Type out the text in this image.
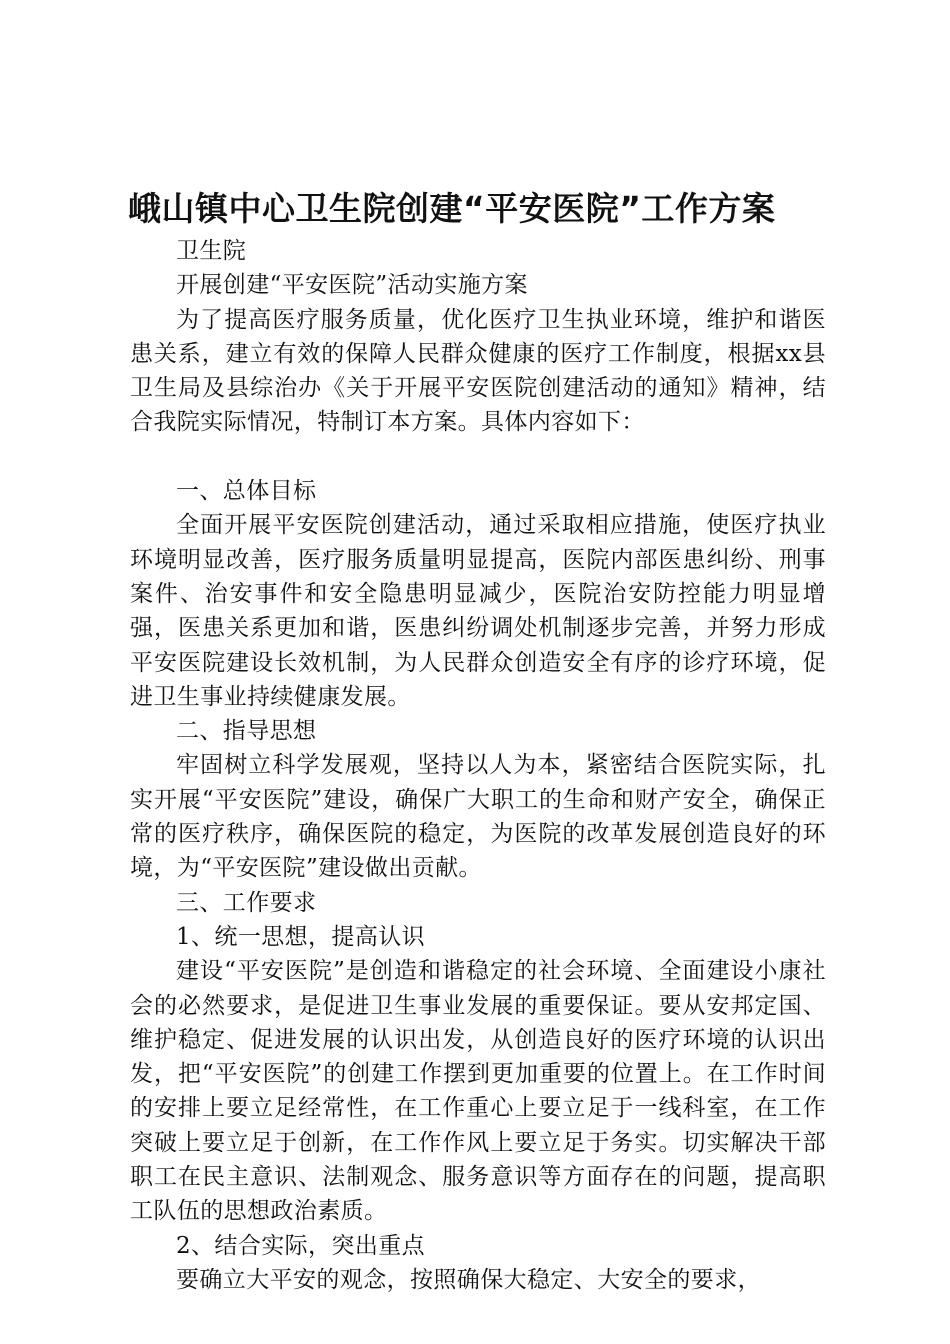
峨山镇中心卫生院创建“平安医院”工作方案

卫生院

开展创建“平安医院”活动实施方案

为了提高医疗服务质量，优化医疗卫生执业环境，维护和谐医患关系，建立有效的保障人民群众健康的医疗工作制度，根据xx县卫生局及县综治办《关于开展平安医院创建活动的通知》精神，结合我院实际情况，特制订本方案。具体内容如下：

一、总体目标

全面开展平安医院创建活动，通过采取相应措施，使医疗执业环境明显改善，医疗服务质量明显提高，医院内部医患纠纷、刑事案件、治安事件和安全隐患明显减少，医院治安防控能力明显增强，医患关系更加和谐，医患纠纷调处机制逐步完善，并努力形成平安医院建设长效机制，为人民群众创造安全有序的诊疗环境，促进卫生事业持续健康发展。

二、指导思想

牢固树立科学发展观，坚持以人为本，紧密结合医院实际，扎实开展“平安医院”建设，确保广大职工的生命和财产安全，确保正常的医疗秩序，确保医院的稳定，为医院的改革发展创造良好的环境，为“平安医院”建设做出贡献。

三、工作要求

1、统一思想，提高认识

建设“平安医院”是创造和谐稳定的社会环境、全面建设小康社会的必然要求，是促进卫生事业发展的重要保证。要从安邦定国、维护稳定、促进发展的认识出发，从创造良好的医疗环境的认识出发，把“平安医院”的创建工作摆到更加重要的位置上。在工作时间的安排上要立足经常性，在工作重心上要立足于一线科室，在工作突破上要立足于创新，在工作作风上要立足于务实。切实解决干部职工在民主意识、法制观念、服务意识等方面存在的问题，提高职工队伍的思想政治素质。

2、结合实际，突出重点

要确立大平安的观念，按照确保大稳定、大安全的要求，
